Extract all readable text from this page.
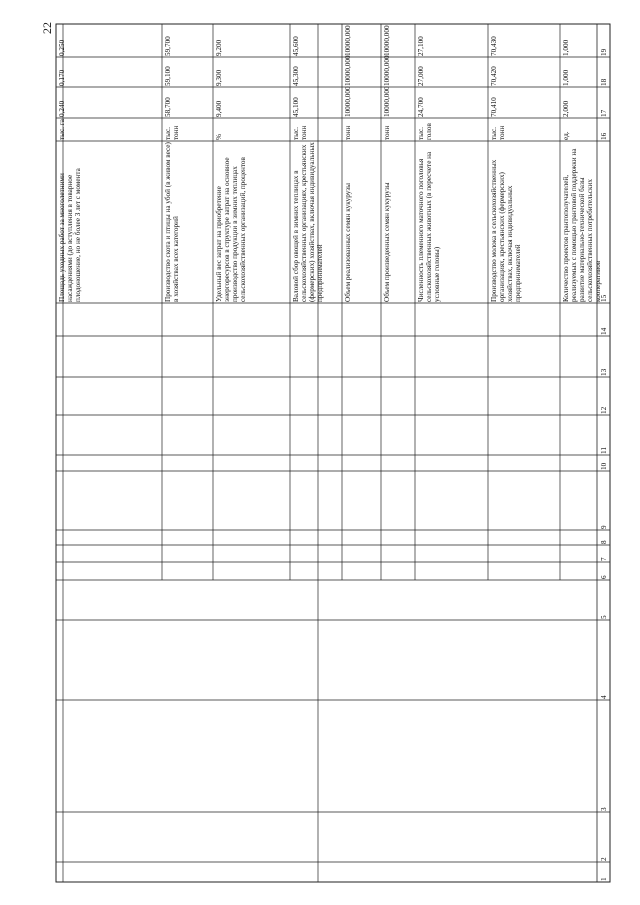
22
19
18
17
16
15
14
13
12
11
10
9
8
7
6
5
4
3
2
1
Количество проектов грантополучателей, реализуемых с помощью грантовой поддержки на развитие материально-технической базы сельскохозяйственных потребительских кооперативов
ед.
2,000
1,000
1,000
Производство молока в сельскохозяйственных организациях, крестьянских (фермерских) хозяйствах, включая индивидуальных предпринимателей
тыс. тонн
70,410
70,420
70,430
Численность племенного маточного поголовья сельскохозяйственных животных (в пересчете на условные головы)
тыс. голов
24,700
27,000
27,100
Объем произведенных семян кукурузы
тонн
10000,000
10000,000
10000,000
Объем реализованных семян кукурузы
тонн
10000,000
10000,000
10000,000
Валовой сбор овощей в зимних теплицах в сельскохозяйственных организациях, крестьянских (фермерских) хозяйствах, включая индивидуальных предпринимателей
тыс. тонн
45,100
45,300
45,600
Удельный вес затрат на приобретение энергоресурсов в структуре затрат на основное производство продукции в зимних теплицах сельскохозяйственных организаций, процентов
%
9,400
9,300
9,200
Производство скота и птицы на убой (в живом весе) в хозяйствах всех категорий
тыс. тонн
58,700
59,100
59,700
Площадь уходных работ за многолетними насаждениями (до вступления в товарное плодоношение, но не более 3 лет с момента
тыс. га
0,240
0,170
0,250
